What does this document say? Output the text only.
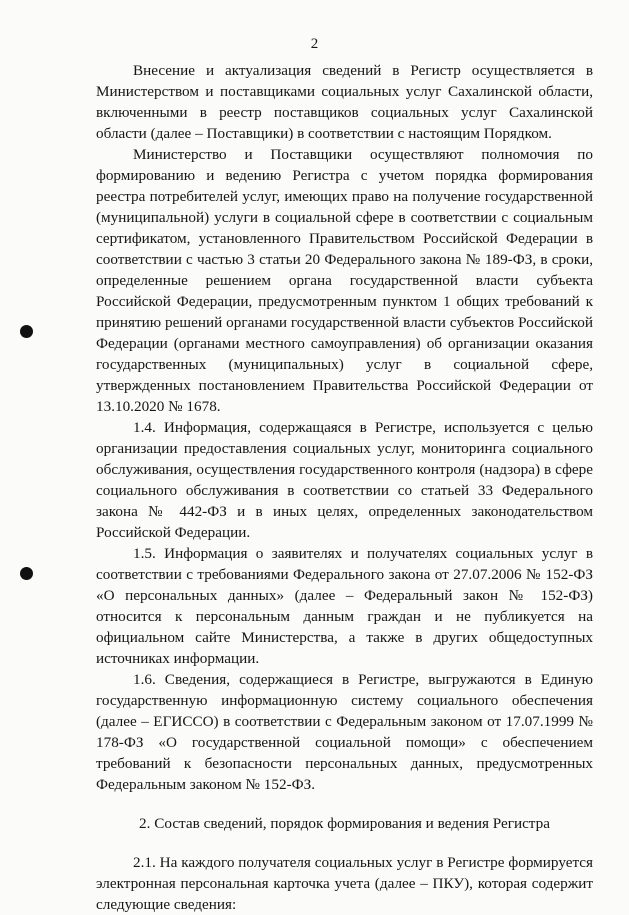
2

Внесение и актуализация сведений в Регистр осуществляется в Министерством и поставщиками социальных услуг Сахалинской области, включенными в реестр поставщиков социальных услуг Сахалинской области (далее – Поставщики) в соответствии с настоящим Порядком.

Министерство и Поставщики осуществляют полномочия по формированию и ведению Регистра с учетом порядка формирования реестра потребителей услуг, имеющих право на получение государственной (муниципальной) услуги в социальной сфере в соответствии с социальным сертификатом, установленного Правительством Российской Федерации в соответствии с частью 3 статьи 20 Федерального закона № 189-ФЗ, в сроки, определенные решением органа государственной власти субъекта Российской Федерации, предусмотренным пунктом 1 общих требований к принятию решений органами государственной власти субъектов Российской Федерации (органами местного самоуправления) об организации оказания государственных (муниципальных) услуг в социальной сфере, утвержденных постановлением Правительства Российской Федерации от 13.10.2020 № 1678.

1.4. Информация, содержащаяся в Регистре, используется с целью организации предоставления социальных услуг, мониторинга социального обслуживания, осуществления государственного контроля (надзора) в сфере социального обслуживания в соответствии со статьей 33 Федерального закона № 442-ФЗ и в иных целях, определенных законодательством Российской Федерации.

1.5. Информация о заявителях и получателях социальных услуг в соответствии с требованиями Федерального закона от 27.07.2006 № 152-ФЗ «О персональных данных» (далее – Федеральный закон № 152-ФЗ) относится к персональным данным граждан и не публикуется на официальном сайте Министерства, а также в других общедоступных источниках информации.

1.6. Сведения, содержащиеся в Регистре, выгружаются в Единую государственную информационную систему социального обеспечения (далее – ЕГИССО) в соответствии с Федеральным законом от 17.07.1999 № 178-ФЗ «О государственной социальной помощи» с обеспечением требований к безопасности персональных данных, предусмотренных Федеральным законом № 152-ФЗ.

2. Состав сведений, порядок формирования и ведения Регистра

2.1. На каждого получателя социальных услуг в Регистре формируется электронная персональная карточка учета (далее – ПКУ), которая содержит следующие сведения:
